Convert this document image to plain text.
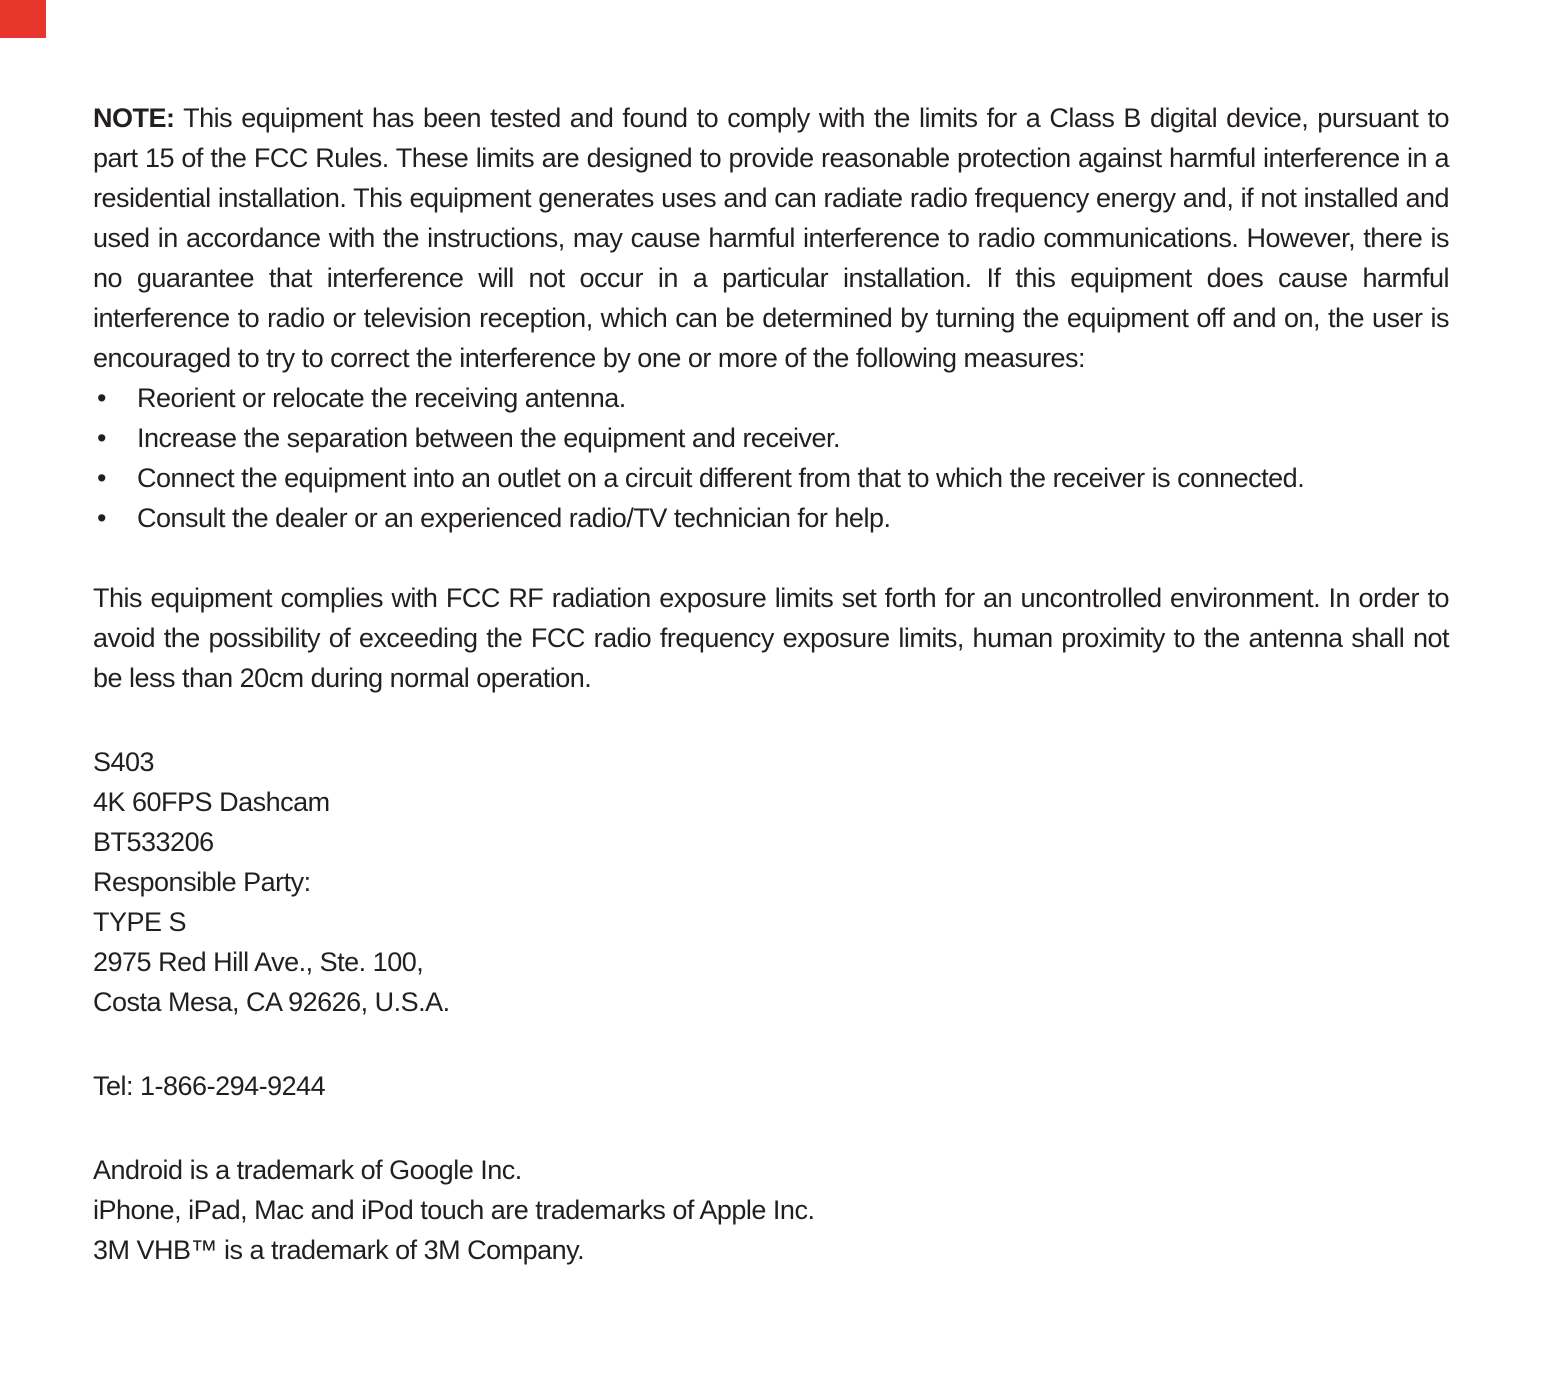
NOTE: This equipment has been tested and found to comply with the limits for a Class B digital device, pursuant to part 15 of the FCC Rules. These limits are designed to provide reasonable protection against harmful interference in a residential installation. This equipment generates uses and can radiate radio frequency energy and, if not installed and used in accordance with the instructions, may cause harmful interference to radio communications. However, there is no guarantee that interference will not occur in a particular installation. If this equipment does cause harmful interference to radio or television reception, which can be determined by turning the equipment off and on, the user is encouraged to try to correct the interference by one or more of the following measures:

•	Reorient or relocate the receiving antenna.
•	Increase the separation between the equipment and receiver.
•	Connect the equipment into an outlet on a circuit different from that to which the receiver is connected.
•	Consult the dealer or an experienced radio/TV technician for help.

This equipment complies with FCC RF radiation exposure limits set forth for an uncontrolled environment. In order to avoid the possibility of exceeding the FCC radio frequency exposure limits, human proximity to the antenna shall not be less than 20cm during normal operation.

S403

4K 60FPS Dashcam

BT533206

Responsible Party:

TYPE S

2975 Red Hill Ave., Ste. 100,

Costa Mesa, CA 92626, U.S.A.

Tel: 1-866-294-9244

Android is a trademark of Google Inc.

iPhone, iPad, Mac and iPod touch are trademarks of Apple Inc.

3M VHB™ is a trademark of 3M Company.
